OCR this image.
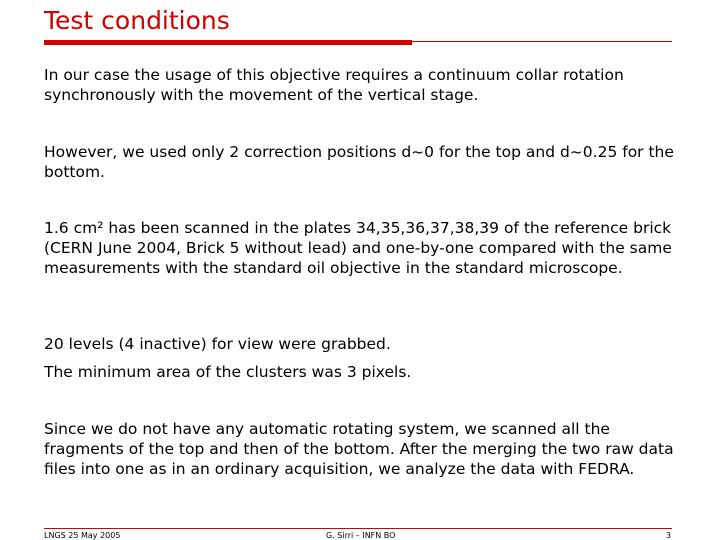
Test conditions
In our case the usage of this objective requires a continuum collar rotation synchronously with the movement of the vertical stage.
However, we used only 2 correction positions d~0 for the top and d~0.25 for the bottom.
1.6 cm² has been scanned in the plates 34,35,36,37,38,39 of the reference brick (CERN June 2004, Brick 5 without lead) and one-by-one compared with the same measurements with the standard oil objective in the standard microscope.
20 levels (4 inactive) for view were grabbed.
The minimum area of the clusters was 3 pixels.
Since we do not have any automatic rotating system, we scanned all the fragments of the top and then of the bottom. After the merging the two raw data files into one as in an ordinary acquisition, we analyze the data with FEDRA.
LNGS 25 May 2005	G. Sirri – INFN BO	3
